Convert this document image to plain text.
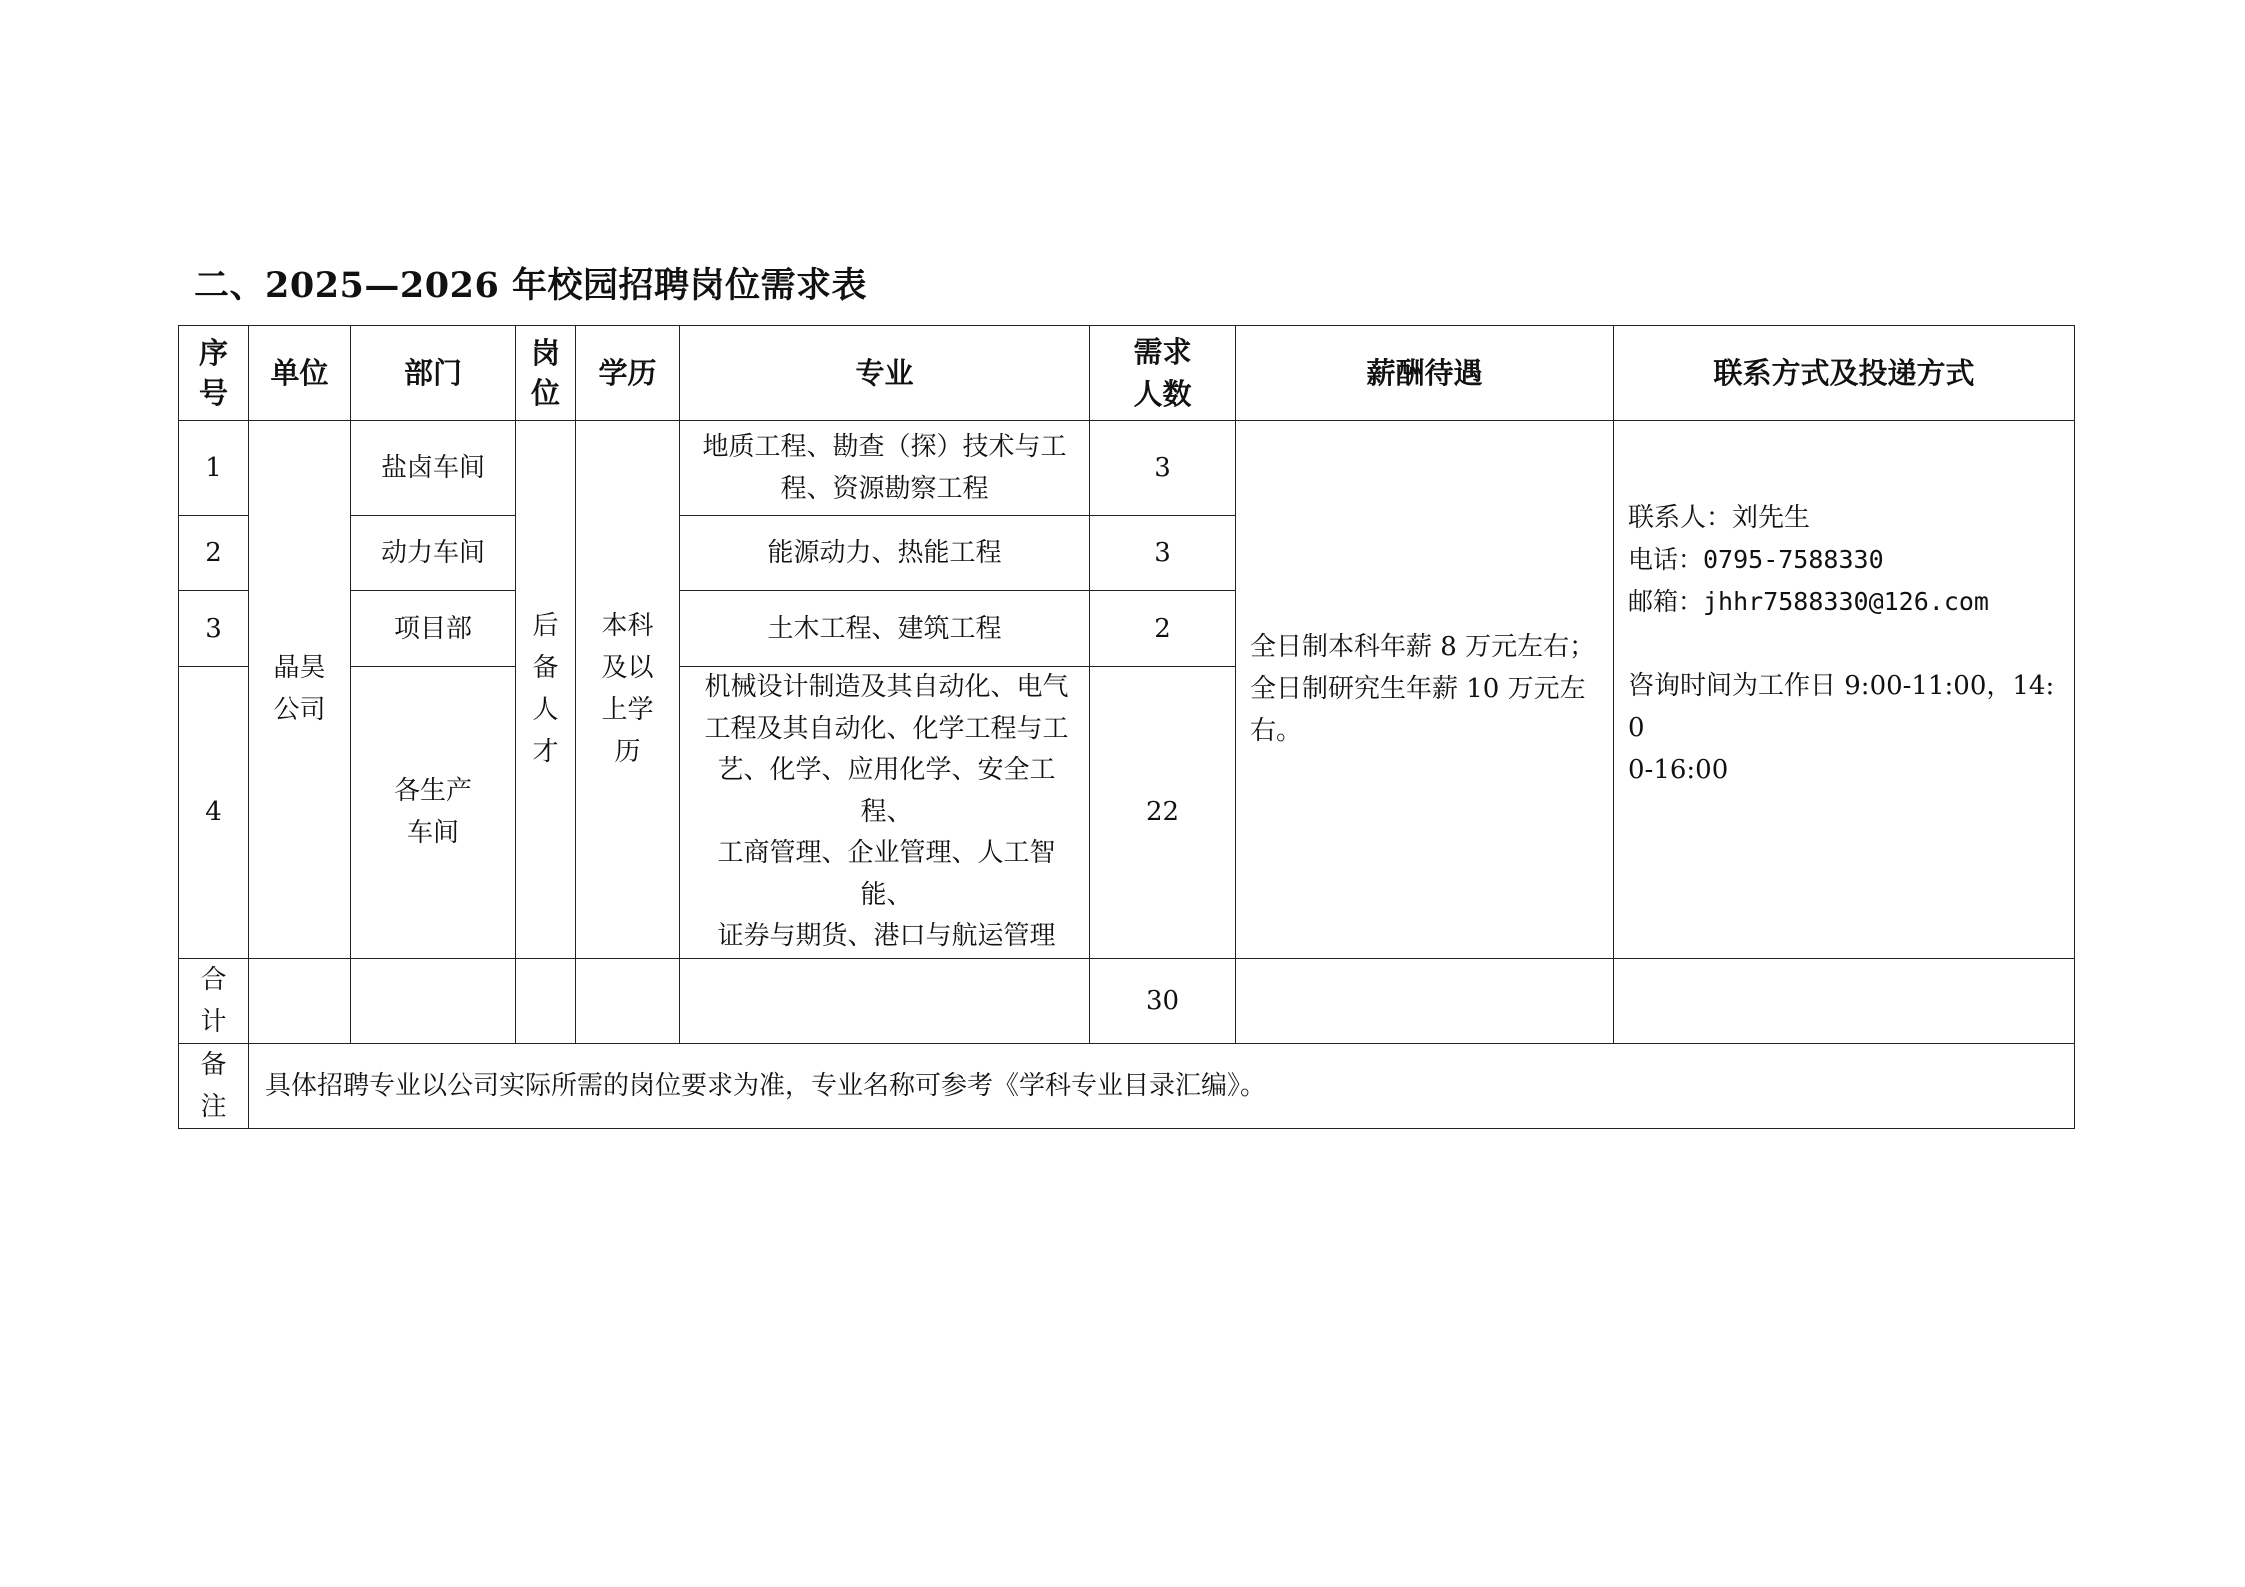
二、2025—2026 年校园招聘岗位需求表
序号	单位	部门	岗位	学历	专业	需求人数	薪酬待遇	联系方式及投递方式
1	晶昊公司	盐卤车间	后备人才	本科及以上学历	地质工程、勘查（探）技术与工
程、资源勘察工程	3	全日制本科年薪 8 万元左右；
全日制研究生年薪 10 万元左
右。	联系人：刘先生
电话：0795-7588330
邮箱：jhhr7588330@126.com
咨询时间为工作日 9:00-11:00，14:0
0-16:00

2		动力车间			能源动力、热能工程	3		
3		项目部			土木工程、建筑工程	2		
4		各生产车间			机械设计制造及其自动化、电气
工程及其自动化、化学工程与工
艺、化学、应用化学、安全工程、
工商管理、企业管理、人工智能、
证券与期货、港口与航运管理	22		
合计						30		
备注	具体招聘专业以公司实际所需的岗位要求为准，专业名称可参考《学科专业目录汇编》。							
